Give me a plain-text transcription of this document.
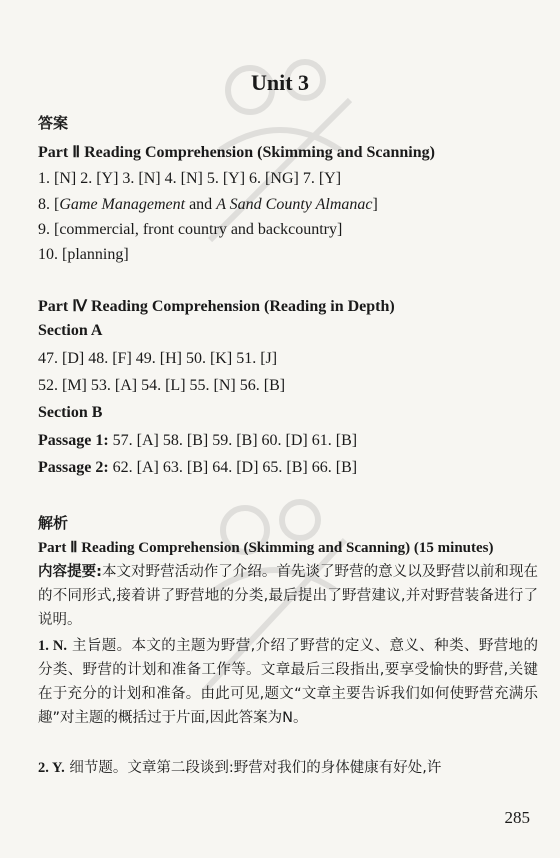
Unit 3
答案
Part Ⅱ Reading Comprehension (Skimming and Scanning)
1. [N] 2. [Y] 3. [N] 4. [N] 5. [Y] 6. [NG] 7. [Y]
8. [Game Management and A Sand County Almanac]
9. [commercial, front country and backcountry]
10. [planning]
Part Ⅳ Reading Comprehension (Reading in Depth)
Section A
47. [D] 48. [F] 49. [H] 50. [K] 51. [J]
52. [M] 53. [A] 54. [L] 55. [N] 56. [B]
Section B
Passage 1: 57. [A] 58. [B] 59. [B] 60. [D] 61. [B]
Passage 2: 62. [A] 63. [B] 64. [D] 65. [B] 66. [B]
解析
Part Ⅱ Reading Comprehension (Skimming and Scanning) (15 minutes)
内容提要:本文对野营活动作了介绍。首先谈了野营的意义以及野营以前和现在的不同形式,接着讲了野营地的分类,最后提出了野营建议,并对野营装备进行了说明。
1. N. 主旨题。本文的主题为野营,介绍了野营的定义、意义、种类、野营地的分类、野营的计划和准备工作等。文章最后三段指出,要享受愉快的野营,关键在于充分的计划和准备。由此可见,题文“文章主要告诉我们如何使野营充满乐趣”对主题的概括过于片面,因此答案为N。
2. Y. 细节题。文章第二段谈到:野营对我们的身体健康有好处,许
285
